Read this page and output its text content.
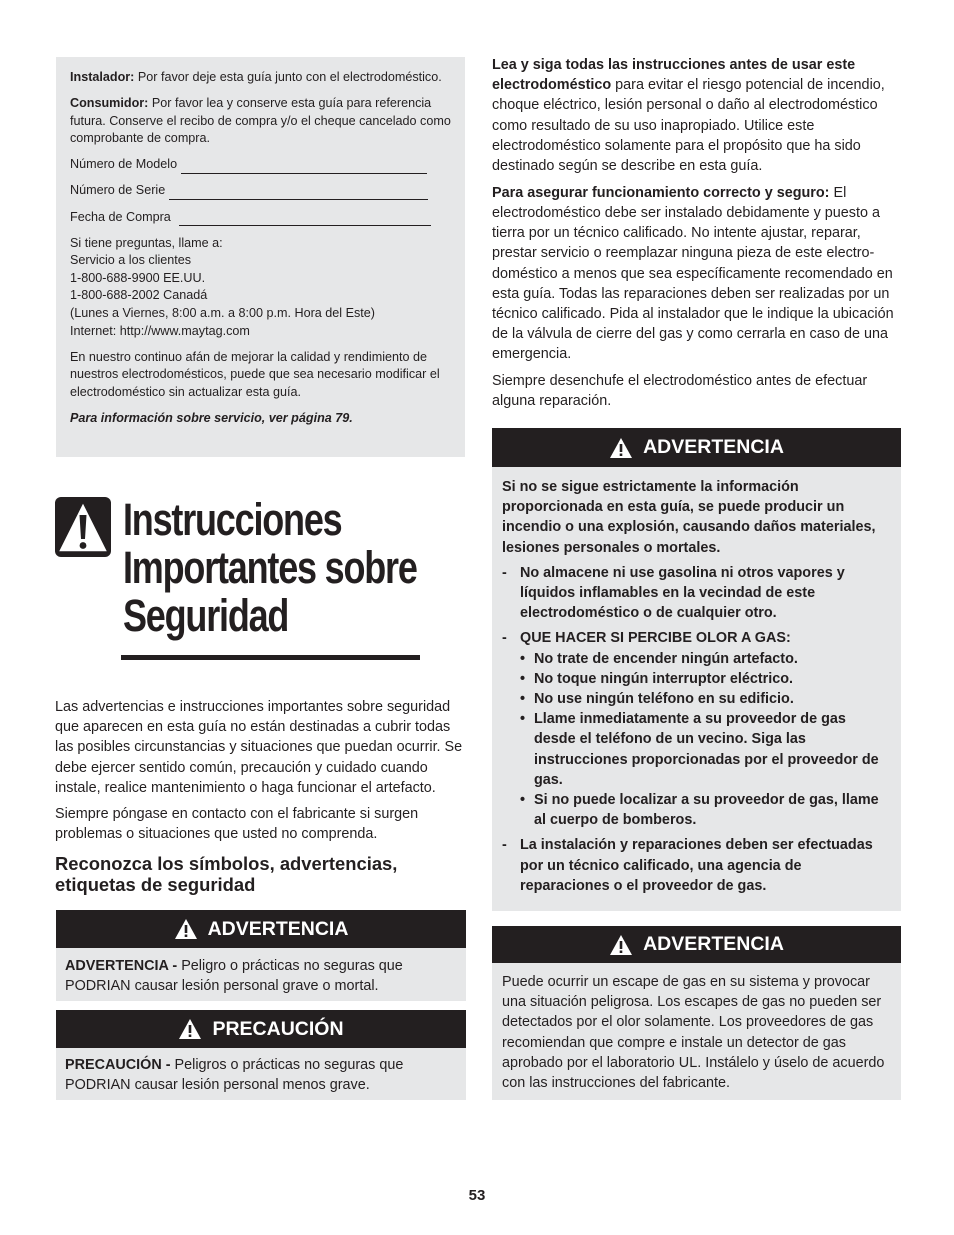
Instalador: Por favor deje esta guía junto con el electrodoméstico.

Consumidor: Por favor lea y conserve esta guía para referencia futura. Conserve el recibo de compra y/o el cheque cancelado como comprobante de compra.

Número de Modelo
Número de Serie
Fecha de Compra

Si tiene preguntas, llame a:
Servicio a los clientes
1-800-688-9900 EE.UU.
1-800-688-2002 Canadá
(Lunes a Viernes, 8:00 a.m. a 8:00 p.m. Hora del Este)
Internet: http://www.maytag.com

En nuestro continuo afán de mejorar la calidad y rendimiento de nuestros electrodomésticos, puede que sea necesario modificar el electrodoméstico sin actualizar esta guía.

Para información sobre servicio, ver página 79.

Instrucciones
Importantes sobre
Seguridad

Las advertencias e instrucciones importantes sobre seguridad que aparecen en esta guía no están destinadas a cubrir todas las posibles circunstancias y situaciones que puedan ocurrir. Se debe ejercer sentido común, precaución y cuidado cuando instale, realice mantenimiento o haga funcionar el artefacto.

Siempre póngase en contacto con el fabricante si surgen problemas o situaciones que usted no comprenda.

Reconozca los símbolos, advertencias, etiquetas de seguridad
ADVERTENCIA
ADVERTENCIA - Peligro o prácticas no seguras que PODRIAN causar lesión personal grave o mortal.
PRECAUCIÓN
PRECAUCIÓN - Peligros o prácticas no seguras que PODRIAN causar lesión personal menos grave.

Lea y siga todas las instrucciones antes de usar este electrodoméstico para evitar el riesgo potencial de incendio, choque eléctrico, lesión personal o daño al electrodoméstico como resultado de su uso inapropiado. Utilice este electrodoméstico solamente para el propósito que ha sido destinado según se describe en esta guía.

Para asegurar funcionamiento correcto y seguro: El electrodoméstico debe ser instalado debidamente y puesto a tierra por un técnico calificado. No intente ajustar, reparar, prestar servicio o reemplazar ninguna pieza de este electro-doméstico a menos que sea específicamente recomendado en esta guía. Todas las reparaciones deben ser realizadas por un técnico calificado. Pida al instalador que le indique la ubicación de la válvula de cierre del gas y como cerrarla en caso de una emergencia.

Siempre desenchufe el electrodoméstico antes de efectuar alguna reparación.

ADVERTENCIA

Si no se sigue estrictamente la información proporcionada en esta guía, se puede producir un incendio o una explosión, causando daños materiales, lesiones personales o mortales.

- No almacene ni use gasolina ni otros vapores y líquidos inflamables en la vecindad de este electrodoméstico o de cualquier otro.
- QUE HACER SI PERCIBE OLOR A GAS:
• No trate de encender ningún artefacto.
• No toque ningún interruptor eléctrico.
• No use ningún teléfono en su edificio.
• Llame inmediatamente a su proveedor de gas desde el teléfono de un vecino. Siga las instrucciones proporcionadas por el proveedor de gas.
• Si no puede localizar a su proveedor de gas, llame al cuerpo de bomberos.
- La instalación y reparaciones deben ser efectuadas por un técnico calificado, una agencia de reparaciones o el proveedor de gas.
ADVERTENCIA

Puede ocurrir un escape de gas en su sistema y provocar una situación peligrosa. Los escapes de gas no pueden ser detectados por el olor solamente. Los proveedores de gas recomiendan que compre e instale un detector de gas aprobado por el laboratorio UL. Instálelo y úselo de acuerdo con las instrucciones del fabricante.

53
